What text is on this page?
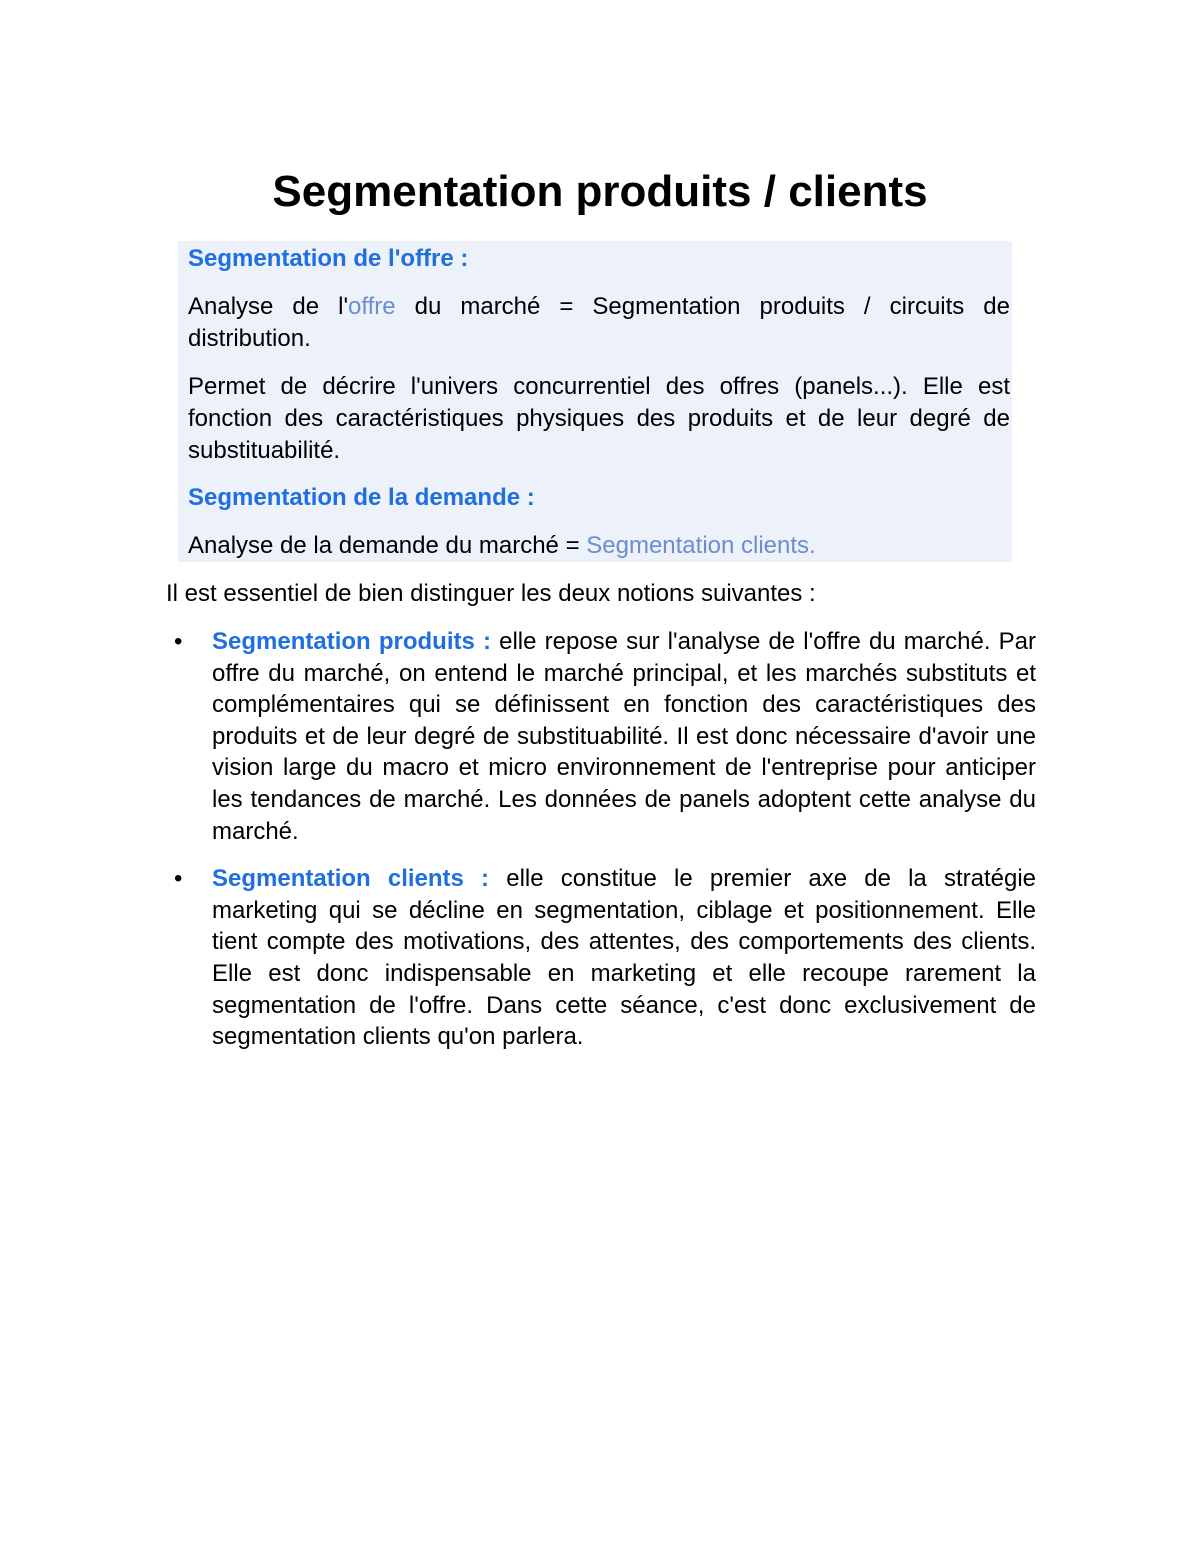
Segmentation produits / clients

Segmentation de l'offre :

Analyse de l'offre du marché = Segmentation produits / circuits de distribution.

Permet de décrire l'univers concurrentiel des offres (panels...). Elle est fonction des caractéristiques physiques des produits et de leur degré de substituabilité.

Segmentation de la demande :

Analyse de la demande du marché = Segmentation clients.

Il est essentiel de bien distinguer les deux notions suivantes :

• Segmentation produits : elle repose sur l'analyse de l'offre du marché. Par offre du marché, on entend le marché principal, et les marchés substituts et complémentaires qui se définissent en fonction des caractéristiques des produits et de leur degré de substituabilité. Il est donc nécessaire d'avoir une vision large du macro et micro environnement de l'entreprise pour anticiper les tendances de marché. Les données de panels adoptent cette analyse du marché.
• Segmentation clients : elle constitue le premier axe de la stratégie marketing qui se décline en segmentation, ciblage et positionnement. Elle tient compte des motivations, des attentes, des comportements des clients. Elle est donc indispensable en marketing et elle recoupe rarement la segmentation de l'offre. Dans cette séance, c'est donc exclusivement de segmentation clients qu'on parlera.
